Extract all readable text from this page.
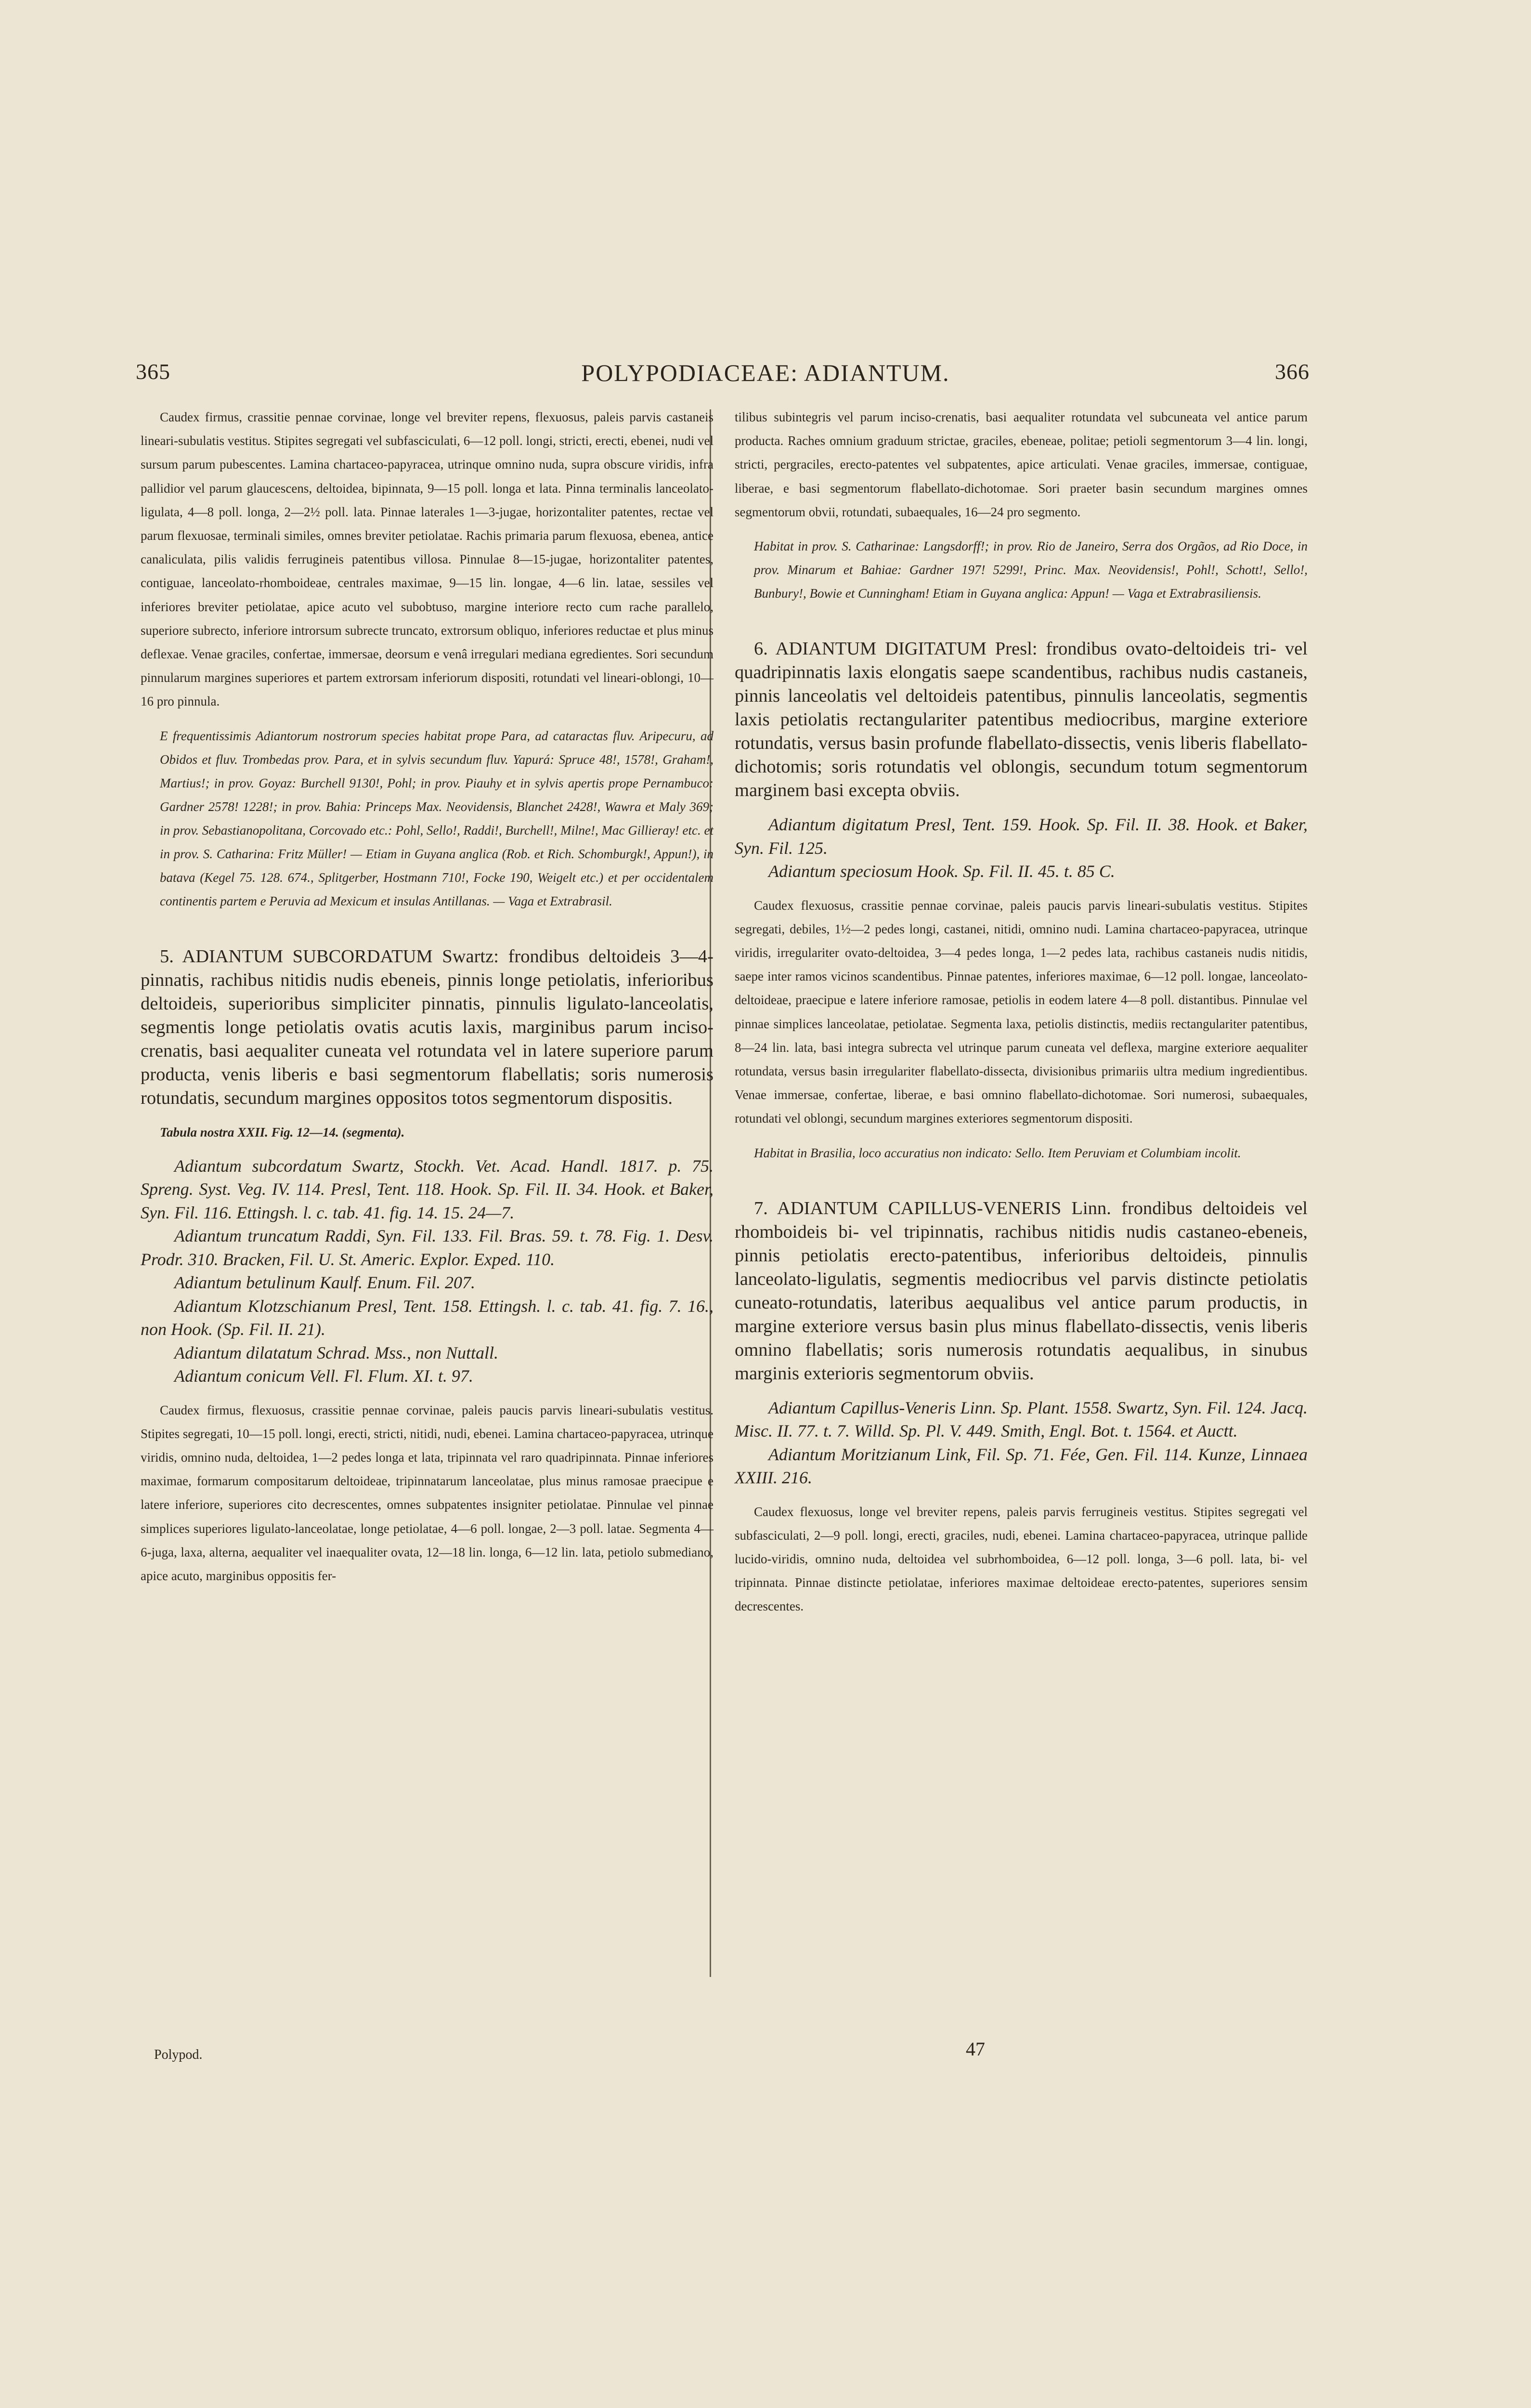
365	POLYPODIACEAE: ADIANTUM.	366

Caudex firmus, crassitie pennae corvinae, longe vel breviter repens, flexuosus, paleis parvis castaneis lineari-subulatis vestitus. Stipites segregati vel subfasciculati, 6—12 poll. longi, stricti, erecti, ebenei, nudi vel sursum parum pubescentes. Lamina chartaceo-papyracea, utrinque omnino nuda, supra obscure viridis, infra pallidior vel parum glaucescens, deltoidea, bipinnata, 9—15 poll. longa et lata. Pinna terminalis lanceolato-ligulata, 4—8 poll. longa, 2—2½ poll. lata. Pinnae laterales 1—3-jugae, horizontaliter patentes, rectae vel parum flexuosae, terminali similes, omnes breviter petiolatae. Rachis primaria parum flexuosa, ebenea, antice canaliculata, pilis validis ferrugineis patentibus villosa. Pinnulae 8—15-jugae, horizontaliter patentes, contiguae, lanceolato-rhomboideae, centrales maximae, 9—15 lin. longae, 4—6 lin. latae, sessiles vel inferiores breviter petiolatae, apice acuto vel subobtuso, margine interiore recto cum rache parallelo, superiore subrecto, inferiore introrsum subrecte truncato, extrorsum obliquo, inferiores reductae et plus minus deflexae. Venae graciles, confertae, immersae, deorsum e venâ irregulari mediana egredientes. Sori secundum pinnularum margines superiores et partem extrorsam inferiorum dispositi, rotundati vel lineari-oblongi, 10—16 pro pinnula.

E frequentissimis Adiantorum nostrorum species habitat prope Para, ad cataractas fluv. Aripecuru, ad Obidos et fluv. Trombedas prov. Para, et in sylvis secundum fluv. Yapurá: Spruce 48!, 1578!, Graham!, Martius!; in prov. Goyaz: Burchell 9130!, Pohl; in prov. Piauhy et in sylvis apertis prope Pernambuco: Gardner 2578! 1228!; in prov. Bahia: Princeps Max. Neovidensis, Blanchet 2428!, Wawra et Maly 369; in prov. Sebastianopolitana, Corcovado etc.: Pohl, Sello!, Raddi!, Burchell!, Milne!, Mac Gillieray! etc. et in prov. S. Catharina: Fritz Müller! — Etiam in Guyana anglica (Rob. et Rich. Schomburgk!, Appun!), in batava (Kegel 75. 128. 674., Splitgerber, Hostmann 710!, Focke 190, Weigelt etc.) et per occidentalem continentis partem e Peruvia ad Mexicum et insulas Antillanas. — Vaga et Extrabrasil.

5. ADIANTUM SUBCORDATUM Swartz: frondibus deltoideis 3—4-pinnatis, rachibus nitidis nudis ebeneis, pinnis longe petiolatis, inferioribus deltoideis, superioribus simpliciter pinnatis, pinnulis ligulato-lanceolatis, segmentis longe petiolatis ovatis acutis laxis, marginibus parum inciso-crenatis, basi aequaliter cuneata vel rotundata vel in latere superiore parum producta, venis liberis e basi segmentorum flabellatis; soris numerosis rotundatis, secundum margines oppositos totos segmentorum dispositis.

Tabula nostra XXII. Fig. 12—14. (segmenta).

Adiantum subcordatum Swartz, Stockh. Vet. Acad. Handl. 1817. p. 75. Spreng. Syst. Veg. IV. 114. Presl, Tent. 118. Hook. Sp. Fil. II. 34. Hook. et Baker, Syn. Fil. 116. Ettingsh. l. c. tab. 41. fig. 14. 15. 24—7.

Adiantum truncatum Raddi, Syn. Fil. 133. Fil. Bras. 59. t. 78. Fig. 1. Desv. Prodr. 310. Bracken, Fil. U. St. Americ. Explor. Exped. 110.

Adiantum betulinum Kaulf. Enum. Fil. 207.

Adiantum Klotzschianum Presl, Tent. 158. Ettingsh. l. c. tab. 41. fig. 7. 16., non Hook. (Sp. Fil. II. 21).

Adiantum dilatatum Schrad. Mss., non Nuttall.

Adiantum conicum Vell. Fl. Flum. XI. t. 97.

Caudex firmus, flexuosus, crassitie pennae corvinae, paleis paucis parvis lineari-subulatis vestitus. Stipites segregati, 10—15 poll. longi, erecti, stricti, nitidi, nudi, ebenei. Lamina chartaceo-papyracea, utrinque viridis, omnino nuda, deltoidea, 1—2 pedes longa et lata, tripinnata vel raro quadripinnata. Pinnae inferiores maximae, formarum compositarum deltoideae, tripinnatarum lanceolatae, plus minus ramosae praecipue e latere inferiore, superiores cito decrescentes, omnes subpatentes insigniter petiolatae. Pinnulae vel pinnae simplices superiores ligulato-lanceolatae, longe petiolatae, 4—6 poll. longae, 2—3 poll. latae. Segmenta 4—6-juga, laxa, alterna, aequaliter vel inaequaliter ovata, 12—18 lin. longa, 6—12 lin. lata, petiolo submediano, apice acuto, marginibus oppositis fer-

tilibus subintegris vel parum inciso-crenatis, basi aequaliter rotundata vel subcuneata vel antice parum producta. Raches omnium graduum strictae, graciles, ebeneae, politae; petioli segmentorum 3—4 lin. longi, stricti, pergraciles, erecto-patentes vel subpatentes, apice articulati. Venae graciles, immersae, contiguae, liberae, e basi segmentorum flabellato-dichotomae. Sori praeter basin secundum margines omnes segmentorum obvii, rotundati, subaequales, 16—24 pro segmento.

Habitat in prov. S. Catharinae: Langsdorff!; in prov. Rio de Janeiro, Serra dos Orgãos, ad Rio Doce, in prov. Minarum et Bahiae: Gardner 197! 5299!, Princ. Max. Neovidensis!, Pohl!, Schott!, Sello!, Bunbury!, Bowie et Cunningham! Etiam in Guyana anglica: Appun! — Vaga et Extrabrasiliensis.

6. ADIANTUM DIGITATUM Presl: frondibus ovato-deltoideis tri- vel quadripinnatis laxis elongatis saepe scandentibus, rachibus nudis castaneis, pinnis lanceolatis vel deltoideis patentibus, pinnulis lanceolatis, segmentis laxis petiolatis rectangulariter patentibus mediocribus, margine exteriore rotundatis, versus basin profunde flabellato-dissectis, venis liberis flabellato-dichotomis; soris rotundatis vel oblongis, secundum totum segmentorum marginem basi excepta obviis.

Adiantum digitatum Presl, Tent. 159. Hook. Sp. Fil. II. 38. Hook. et Baker, Syn. Fil. 125.

Adiantum speciosum Hook. Sp. Fil. II. 45. t. 85 C.

Caudex flexuosus, crassitie pennae corvinae, paleis paucis parvis lineari-subulatis vestitus. Stipites segregati, debiles, 1½—2 pedes longi, castanei, nitidi, omnino nudi. Lamina chartaceo-papyracea, utrinque viridis, irregulariter ovato-deltoidea, 3—4 pedes longa, 1—2 pedes lata, rachibus castaneis nudis nitidis, saepe inter ramos vicinos scandentibus. Pinnae patentes, inferiores maximae, 6—12 poll. longae, lanceolato-deltoideae, praecipue e latere inferiore ramosae, petiolis in eodem latere 4—8 poll. distantibus. Pinnulae vel pinnae simplices lanceolatae, petiolatae. Segmenta laxa, petiolis distinctis, mediis rectangulariter patentibus, 8—24 lin. lata, basi integra subrecta vel utrinque parum cuneata vel deflexa, margine exteriore aequaliter rotundata, versus basin irregulariter flabellato-dissecta, divisionibus primariis ultra medium ingredientibus. Venae immersae, confertae, liberae, e basi omnino flabellato-dichotomae. Sori numerosi, subaequales, rotundati vel oblongi, secundum margines exteriores segmentorum dispositi.

Habitat in Brasilia, loco accuratius non indicato: Sello. Item Peruviam et Columbiam incolit.

7. ADIANTUM CAPILLUS-VENERIS Linn. frondibus deltoideis vel rhomboideis bi- vel tripinnatis, rachibus nitidis nudis castaneo-ebeneis, pinnis petiolatis erecto-patentibus, inferioribus deltoideis, pinnulis lanceolato-ligulatis, segmentis mediocribus vel parvis distincte petiolatis cuneato-rotundatis, lateribus aequalibus vel antice parum productis, in margine exteriore versus basin plus minus flabellato-dissectis, venis liberis omnino flabellatis; soris numerosis rotundatis aequalibus, in sinubus marginis exterioris segmentorum obviis.

Adiantum Capillus-Veneris Linn. Sp. Plant. 1558. Swartz, Syn. Fil. 124. Jacq. Misc. II. 77. t. 7. Willd. Sp. Pl. V. 449. Smith, Engl. Bot. t. 1564. et Auctt.

Adiantum Moritzianum Link, Fil. Sp. 71. Fée, Gen. Fil. 114. Kunze, Linnaea XXIII. 216.

Caudex flexuosus, longe vel breviter repens, paleis parvis ferrugineis vestitus. Stipites segregati vel subfasciculati, 2—9 poll. longi, erecti, graciles, nudi, ebenei. Lamina chartaceo-papyracea, utrinque pallide lucido-viridis, omnino nuda, deltoidea vel subrhomboidea, 6—12 poll. longa, 3—6 poll. lata, bi- vel tripinnata. Pinnae distincte petiolatae, inferiores maximae deltoideae erecto-patentes, superiores sensim decrescentes.

Polypod.	47
